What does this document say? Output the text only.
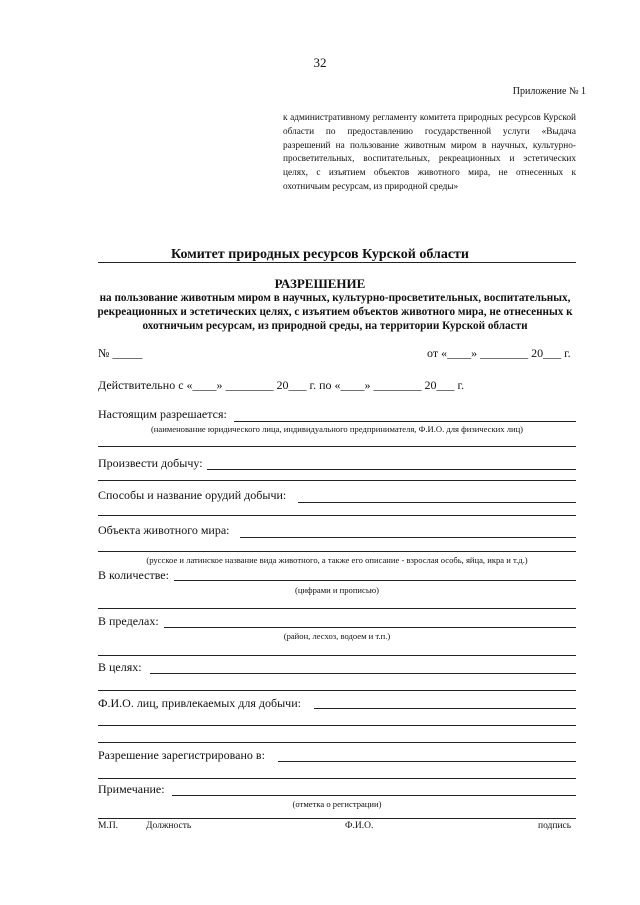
32
Приложение № 1
к административному регламенту комитета природных ресурсов Курской области по предоставлению государственной услуги «Выдача разрешений на пользование животным миром в научных, культурно-просветительных, воспитательных, рекреационных и эстетических целях, с изъятием объектов животного мира, не отнесенных к охотничьим ресурсам, из природной среды»
Комитет природных ресурсов Курской области
РАЗРЕШЕНИЕ
на пользование животным миром в научных, культурно-просветительных, воспитательных, рекреационных и эстетических целях, с изъятием объектов животного мира, не отнесенных к охотничьим ресурсам, из природной среды, на территории Курской области
№ _____	от «____» ________ 20___ г.
Действительно с «____» ________ 20___ г. по «____» ________ 20___ г.
Настоящим разрешается:
(наименование юридического лица, индивидуального предпринимателя, Ф.И.О. для физических лиц)
Произвести добычу:
Способы и название орудий добычи:
Объекта животного мира:
(русское и латинское название вида животного, а также его описание - взрослая особь, яйца, икра и т.д.)
В количестве:
(цифрами и прописью)
В пределах:
(район, лесхоз, водоем и т.п.)
В целях:
Ф.И.О. лиц, привлекаемых для добычи:
Разрешение зарегистрировано в:
Примечание:
(отметка о регистрации)
М.П.	Должность	Ф.И.О.	подпись
